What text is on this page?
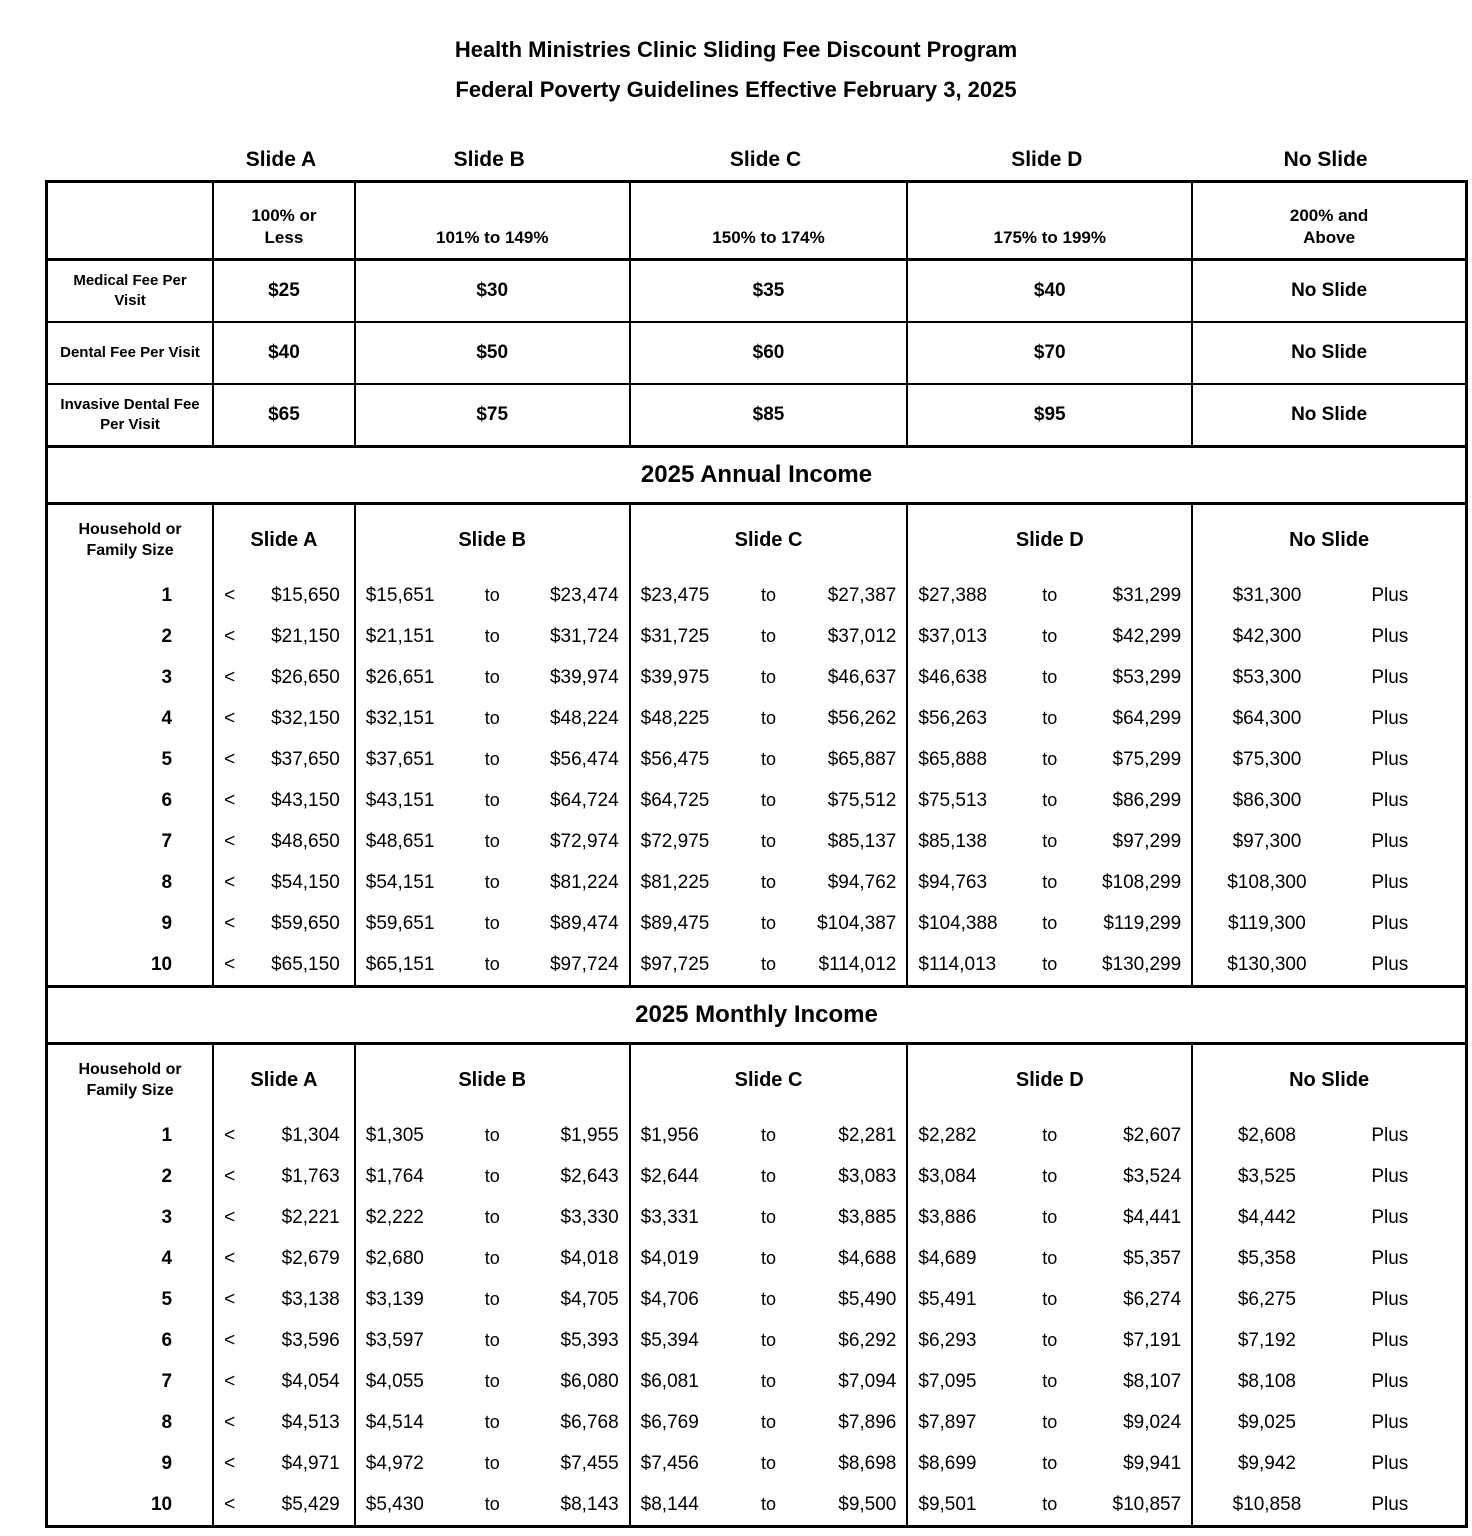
Health Ministries Clinic Sliding Fee Discount Program
Federal Poverty Guidelines Effective February 3, 2025
Slide A	Slide B	Slide C	Slide D	No Slide

	100% or Less	101% to 149%	150% to 174%	175% to 199%	200% and Above

Medical Fee Per Visit	$25	$30	$35	$40	No Slide

Dental Fee Per Visit	$40	$50	$60	$70	No Slide

Invasive Dental Fee Per Visit	$65	$75	$85	$95	No Slide
2025 Annual Income
Household or Family Size	Slide A	Slide B	Slide C	Slide D	No Slide
1	< $15,650	$15,651 to $23,474	$23,475 to $27,387	$27,388 to $31,299	$31,300 Plus

2	< $21,150	$21,151 to $31,724	$31,725 to $37,012	$37,013 to $42,299	$42,300 Plus

3	< $26,650	$26,651 to $39,974	$39,975 to $46,637	$46,638 to $53,299	$53,300 Plus

4	< $32,150	$32,151 to $48,224	$48,225 to $56,262	$56,263 to $64,299	$64,300 Plus

5	< $37,650	$37,651 to $56,474	$56,475 to $65,887	$65,888 to $75,299	$75,300 Plus

6	< $43,150	$43,151 to $64,724	$64,725 to $75,512	$75,513 to $86,299	$86,300 Plus

7	< $48,650	$48,651 to $72,974	$72,975 to $85,137	$85,138 to $97,299	$97,300 Plus

8	< $54,150	$54,151 to $81,224	$81,225 to $94,762	$94,763 to $108,299	$108,300 Plus

9	< $59,650	$59,651 to $89,474	$89,475 to $104,387	$104,388 to $119,299	$119,300 Plus

10	< $65,150	$65,151 to $97,724	$97,725 to $114,012	$114,013 to $130,299	$130,300 Plus
2025 Monthly Income
Household or Family Size	Slide A	Slide B	Slide C	Slide D	No Slide
1	< $1,304	$1,305 to $1,955	$1,956 to $2,281	$2,282 to $2,607	$2,608 Plus

2	< $1,763	$1,764 to $2,643	$2,644 to $3,083	$3,084 to $3,524	$3,525 Plus

3	< $2,221	$2,222 to $3,330	$3,331 to $3,885	$3,886 to $4,441	$4,442 Plus

4	< $2,679	$2,680 to $4,018	$4,019 to $4,688	$4,689 to $5,357	$5,358 Plus

5	< $3,138	$3,139 to $4,705	$4,706 to $5,490	$5,491 to $6,274	$6,275 Plus

6	< $3,596	$3,597 to $5,393	$5,394 to $6,292	$6,293 to $7,191	$7,192 Plus

7	< $4,054	$4,055 to $6,080	$6,081 to $7,094	$7,095 to $8,107	$8,108 Plus

8	< $4,513	$4,514 to $6,768	$6,769 to $7,896	$7,897 to $9,024	$9,025 Plus

9	< $4,971	$4,972 to $7,455	$7,456 to $8,698	$8,699 to $9,941	$9,942 Plus

10	< $5,429	$5,430 to $8,143	$8,144 to $9,500	$9,501 to $10,857	$10,858 Plus
